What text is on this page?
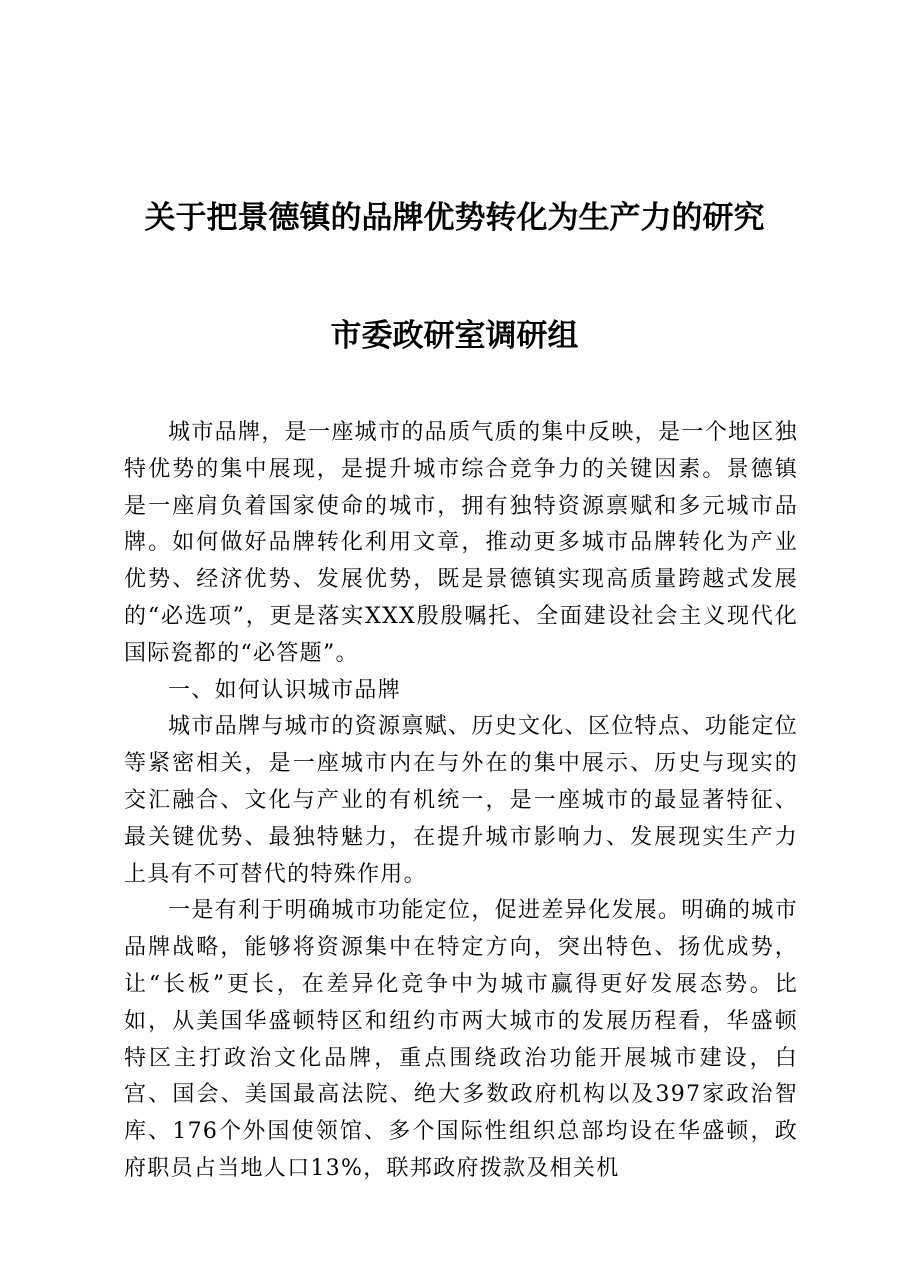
关于把景德镇的品牌优势转化为生产力的研究
市委政研室调研组

城市品牌，是一座城市的品质气质的集中反映，是一个地区独特优势的集中展现，是提升城市综合竞争力的关键因素。景德镇是一座肩负着国家使命的城市，拥有独特资源禀赋和多元城市品牌。如何做好品牌转化利用文章，推动更多城市品牌转化为产业优势、经济优势、发展优势，既是景德镇实现高质量跨越式发展的“必选项”，更是落实XXX殷殷嘱托、全面建设社会主义现代化国际瓷都的“必答题”。

一、如何认识城市品牌

城市品牌与城市的资源禀赋、历史文化、区位特点、功能定位等紧密相关，是一座城市内在与外在的集中展示、历史与现实的交汇融合、文化与产业的有机统一，是一座城市的最显著特征、最关键优势、最独特魅力，在提升城市影响力、发展现实生产力上具有不可替代的特殊作用。

一是有利于明确城市功能定位，促进差异化发展。明确的城市品牌战略，能够将资源集中在特定方向，突出特色、扬优成势，让“长板”更长，在差异化竞争中为城市赢得更好发展态势。比如，从美国华盛顿特区和纽约市两大城市的发展历程看，华盛顿特区主打政治文化品牌，重点围绕政治功能开展城市建设，白宫、国会、美国最高法院、绝大多数政府机构以及397家政治智库、176个外国使领馆、多个国际性组织总部均设在华盛顿，政府职员占当地人口13%，联邦政府拨款及相关机
